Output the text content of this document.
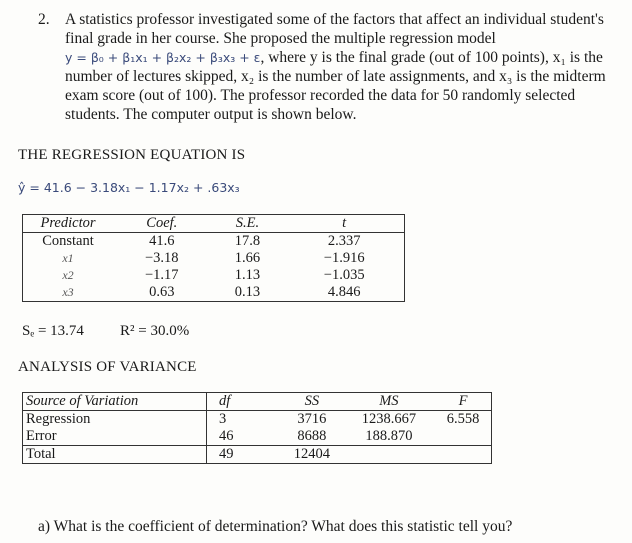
2. A statistics professor investigated some of the factors that affect an individual student's
final grade in her course. She proposed the multiple regression model
y = β₀ + β₁x₁ + β₂x₂ + β₃x₃ + ε, where y is the final grade (out of 100 points), x₁ is the
number of lectures skipped, x₂ is the number of late assignments, and x₃ is the midterm
exam score (out of 100). The professor recorded the data for 50 randomly selected
students. The computer output is shown below.
THE REGRESSION EQUATION IS
ŷ = 41.6 − 3.18x₁ − 1.17x₂ + .63x₃
Predictor	Coef.	S.E.	t
Constant	41.6	17.8	2.337
x1	−3.18	1.66	−1.916
x2	−1.17	1.13	−1.035
x3	0.63	0.13	4.846
Sₑ = 13.74 R² = 30.0%
ANALYSIS OF VARIANCE
Source of Variation	df	SS	MS	F
Regression	3	3716	1238.667	6.558
Error	46	8688	188.870	
Total	49	12404		
a) What is the coefficient of determination? What does this statistic tell you?
